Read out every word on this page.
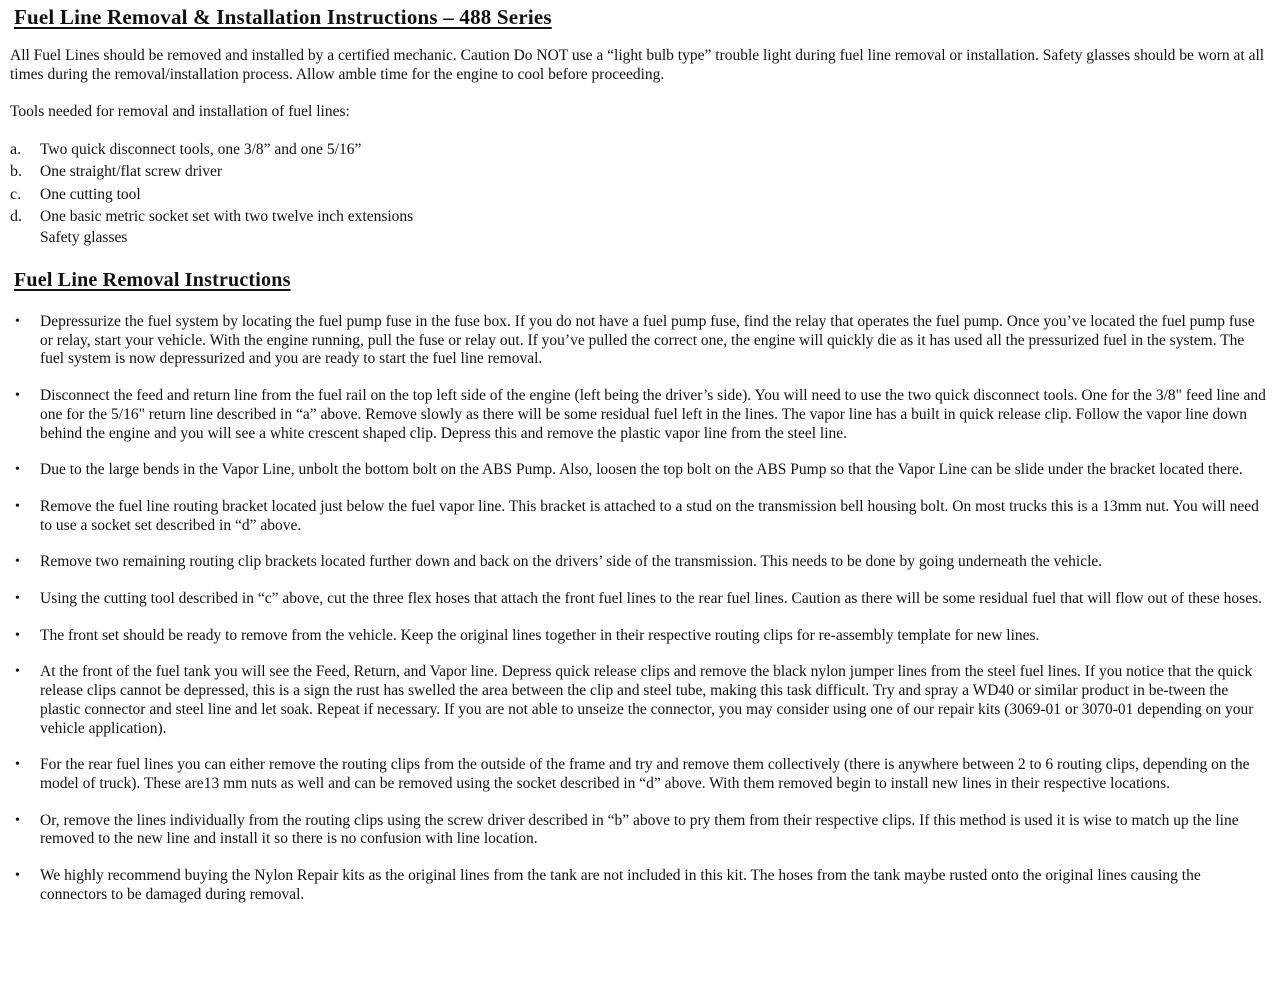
Fuel Line Removal & Installation Instructions – 488 Series

All Fuel Lines should be removed and installed by a certified mechanic. Caution Do NOT use a “light bulb type” trouble light during fuel line removal or installation. Safety glasses should be worn at all times during the removal/installation process. Allow amble time for the engine to cool before proceeding.

Tools needed for removal and installation of fuel lines:

a.	Two quick disconnect tools, one 3/8” and one 5/16”
b.	One straight/flat screw driver
c.	One cutting tool
d.	One basic metric socket set with two twelve inch extensions
Safety glasses
Fuel Line Removal Instructions
•	Depressurize the fuel system by locating the fuel pump fuse in the fuse box. If you do not have a fuel pump fuse, find the relay that operates the fuel pump. Once you’ve located the fuel pump fuse or relay, start your vehicle. With the engine running, pull the fuse or relay out. If you’ve pulled the correct one, the engine will quickly die as it has used all the pressurized fuel in the system. The fuel system is now depressurized and you are ready to start the fuel line removal.
•	Disconnect the feed and return line from the fuel rail on the top left side of the engine (left being the driver’s side). You will need to use the two quick disconnect tools. One for the 3/8" feed line and one for the 5/16" return line described in “a” above. Remove slowly as there will be some residual fuel left in the lines. The vapor line has a built in quick release clip. Follow the vapor line down behind the engine and you will see a white crescent shaped clip. Depress this and remove the plastic vapor line from the steel line.
•	Due to the large bends in the Vapor Line, unbolt the bottom bolt on the ABS Pump. Also, loosen the top bolt on the ABS Pump so that the Vapor Line can be slide under the bracket located there.
•	Remove the fuel line routing bracket located just below the fuel vapor line. This bracket is attached to a stud on the transmission bell housing bolt. On most trucks this is a 13mm nut. You will need to use a socket set described in “d” above.
•	Remove two remaining routing clip brackets located further down and back on the drivers’ side of the transmission. This needs to be done by going underneath the vehicle.
•	Using the cutting tool described in “c” above, cut the three flex hoses that attach the front fuel lines to the rear fuel lines. Caution as there will be some residual fuel that will flow out of these hoses.
•	The front set should be ready to remove from the vehicle. Keep the original lines together in their respective routing clips for re-assembly template for new lines.
•	At the front of the fuel tank you will see the Feed, Return, and Vapor line. Depress quick release clips and remove the black nylon jumper lines from the steel fuel lines. If you notice that the quick release clips cannot be depressed, this is a sign the rust has swelled the area between the clip and steel tube, making this task difficult. Try and spray a WD40 or similar product in be-tween the plastic connector and steel line and let soak. Repeat if necessary. If you are not able to unseize the connector, you may consider using one of our repair kits (3069-01 or 3070-01 depending on your vehicle application).
•	For the rear fuel lines you can either remove the routing clips from the outside of the frame and try and remove them collectively (there is anywhere between 2 to 6 routing clips, depending on the model of truck). These are13 mm nuts as well and can be removed using the socket described in “d” above. With them removed begin to install new lines in their respective locations.
•	Or, remove the lines individually from the routing clips using the screw driver described in “b” above to pry them from their respective clips. If this method is used it is wise to match up the line removed to the new line and install it so there is no confusion with line location.
•	We highly recommend buying the Nylon Repair kits as the original lines from the tank are not included in this kit. The hoses from the tank maybe rusted onto the original lines causing the connectors to be damaged during removal.
